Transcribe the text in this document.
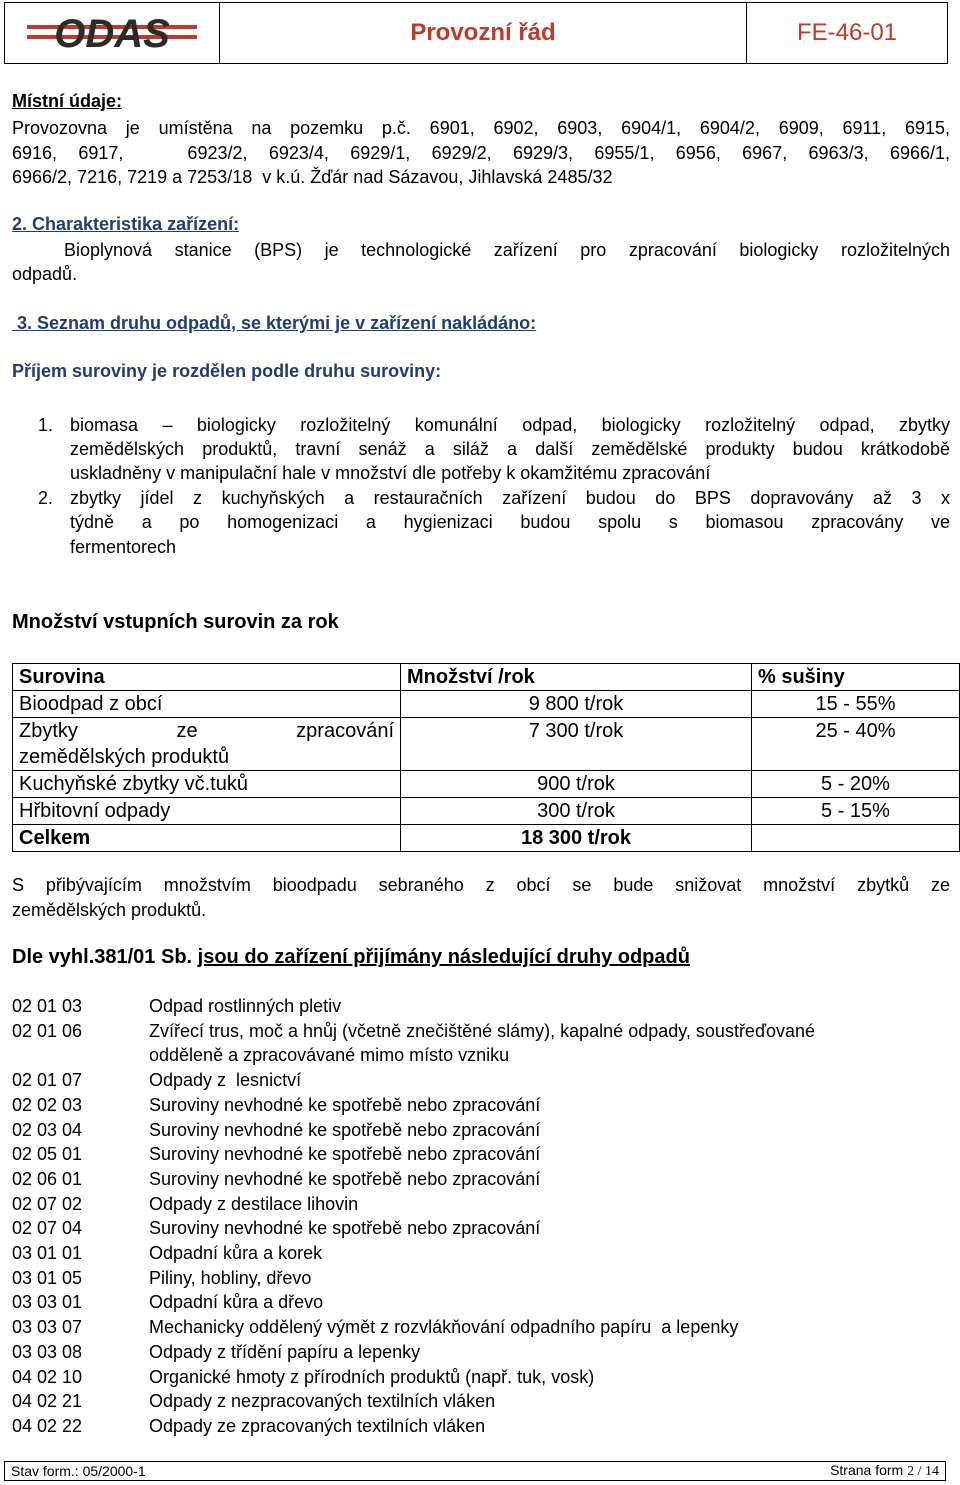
ODAS	Provozní řád	FE-46-01
Místní údaje:
Provozovna je umístěna na pozemku p.č. 6901, 6902, 6903, 6904/1, 6904/2, 6909, 6911, 6915,
6916, 6917,   6923/2, 6923/4, 6929/1, 6929/2, 6929/3, 6955/1, 6956, 6967, 6963/3, 6966/1,
6966/2, 7216, 7219 a 7253/18  v k.ú. Žďár nad Sázavou, Jihlavská 2485/32
2. Charakteristika zařízení:
Bioplynová stanice (BPS) je technologické zařízení pro zpracování biologicky rozložitelných
odpadů.
3. Seznam druhu odpadů, se kterými je v zařízení nakládáno:
Příjem suroviny je rozdělen podle druhu suroviny:
1. biomasa – biologicky rozložitelný komunální odpad, biologicky rozložitelný odpad, zbytky
zemědělských produktů, travní senáž a siláž a další zemědělské produkty budou krátkodobě
uskladněny v manipulační hale v množství dle potřeby k okamžitému zpracování
2. zbytky jídel z kuchyňských a restauračních zařízení budou do BPS dopravovány až 3 x
týdně a po homogenizaci a hygienizaci budou spolu s biomasou zpracovány ve
fermentorech
Množství vstupních surovin za rok
Surovina	Množství /rok	% sušiny
Bioodpad z obcí	9 800 t/rok	15 - 55%
Zbytky          ze          zpracování zemědělských produktů	7 300 t/rok	25 - 40%
Kuchyňské zbytky vč.tuků	900 t/rok	5 - 20%
Hřbitovní odpady	300 t/rok	5 - 15%
Celkem	18 300 t/rok	
S přibývajícím množstvím bioodpadu sebraného z obcí se bude snižovat množství zbytků ze
zemědělských produktů.
Dle vyhl.381/01 Sb. jsou do zařízení přijímány následující druhy odpadů
02 01 03	Odpad rostlinných pletiv
02 01 06	Zvířecí trus, moč a hnůj (včetně znečištěné slámy), kapalné odpady, soustřeďované
odděleně a zpracovávané mimo místo vzniku
02 01 07	Odpady z  lesnictví
02 02 03	Suroviny nevhodné ke spotřebě nebo zpracování
02 03 04	Suroviny nevhodné ke spotřebě nebo zpracování
02 05 01	Suroviny nevhodné ke spotřebě nebo zpracování
02 06 01	Suroviny nevhodné ke spotřebě nebo zpracování
02 07 02	Odpady z destilace lihovin
02 07 04	Suroviny nevhodné ke spotřebě nebo zpracování
03 01 01	Odpadní kůra a korek
03 01 05	Piliny, hobliny, dřevo
03 03 01	Odpadní kůra a dřevo
03 03 07	Mechanicky oddělený výmět z rozvlákňování odpadního papíru  a lepenky
03 03 08	Odpady z třídění papíru a lepenky
04 02 10	Organické hmoty z přírodních produktů (např. tuk, vosk)
04 02 21	Odpady z nezpracovaných textilních vláken
04 02 22	Odpady ze zpracovaných textilních vláken
Stav form.: 05/2000-1	Strana form 2 / 14
